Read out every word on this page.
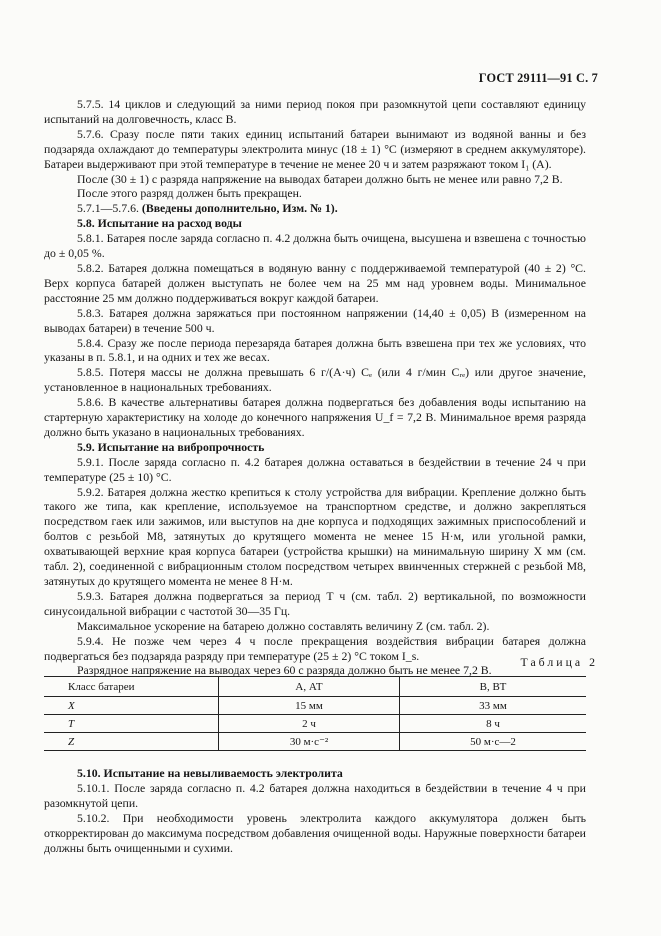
ГОСТ 29111—91 С. 7

5.7.5. 14 циклов и следующий за ними период покоя при разомкнутой цепи составляют единицу испытаний на долговечность, класс В.

5.7.6. Сразу после пяти таких единиц испытаний батареи вынимают из водяной ванны и без подзаряда охлаждают до температуры электролита минус (18 ± 1) °С (измеряют в среднем аккумуляторе). Батареи выдерживают при этой температуре в течение не менее 20 ч и затем разряжают током I₁ (А).

После (30 ± 1) с разряда напряжение на выводах батареи должно быть не менее или равно 7,2 В.

После этого разряд должен быть прекращен.

5.7.1—5.7.6. (Введены дополнительно, Изм. № 1).

5.8. Испытание на расход воды

5.8.1. Батарея после заряда согласно п. 4.2 должна быть очищена, высушена и взвешена с точностью до ± 0,05 %.

5.8.2. Батарея должна помещаться в водяную ванну с поддерживаемой температурой (40 ± 2) °С. Верх корпуса батарей должен выступать не более чем на 25 мм над уровнем воды. Минимальное расстояние 25 мм должно поддерживаться вокруг каждой батареи.

5.8.3. Батарея должна заряжаться при постоянном напряжении (14,40 ± 0,05) В (измеренном на выводах батареи) в течение 500 ч.

5.8.4. Сразу же после периода перезаряда батарея должна быть взвешена при тех же условиях, что указаны в п. 5.8.1, и на одних и тех же весах.

5.8.5. Потеря массы не должна превышать 6 г/(А·ч) Cₑ (или 4 г/мин Cᵣₑ) или другое значение, установленное в национальных требованиях.

5.8.6. В качестве альтернативы батарея должна подвергаться без добавления воды испытанию на стартерную характеристику на холоде до конечного напряжения U_f = 7,2 В. Минимальное время разряда должно быть указано в национальных требованиях.

5.9. Испытание на вибропрочность

5.9.1. После заряда согласно п. 4.2 батарея должна оставаться в бездействии в течение 24 ч при температуре (25 ± 10) °С.

5.9.2. Батарея должна жестко крепиться к столу устройства для вибрации. Крепление должно быть такого же типа, как крепление, используемое на транспортном средстве, и должно закрепляться посредством гаек или зажимов, или выступов на дне корпуса и подходящих зажимных приспособлений и болтов с резьбой М8, затянутых до крутящего момента не менее 15 Н·м, или угольной рамки, охватывающей верхние края корпуса батареи (устройства крышки) на минимальную ширину X мм (см. табл. 2), соединенной с вибрационным столом посредством четырех ввинченных стержней с резьбой М8, затянутых до крутящего момента не менее 8 Н·м.

5.9.3. Батарея должна подвергаться за период T ч (см. табл. 2) вертикальной, по возможности синусоидальной вибрации с частотой 30—35 Гц.

Максимальное ускорение на батарею должно составлять величину Z (см. табл. 2).

5.9.4. Не позже чем через 4 ч после прекращения воздействия вибрации батарея должна подвергаться без подзаряда разряду при температуре (25 ± 2) °С током I_s.

Разрядное напряжение на выводах через 60 с разряда должно быть не менее 7,2 В.

Таблица 2
Класс батареи	А, АТ	В, ВТ
X	15 мм	33 мм
T	2 ч	8 ч
Z	30 м·с⁻²	50 м·с—2

5.10. Испытание на невыливаемость электролита

5.10.1. После заряда согласно п. 4.2 батарея должна находиться в бездействии в течение 4 ч при разомкнутой цепи.

5.10.2. При необходимости уровень электролита каждого аккумулятора должен быть откорректирован до максимума посредством добавления очищенной воды. Наружные поверхности батареи должны быть очищенными и сухими.
